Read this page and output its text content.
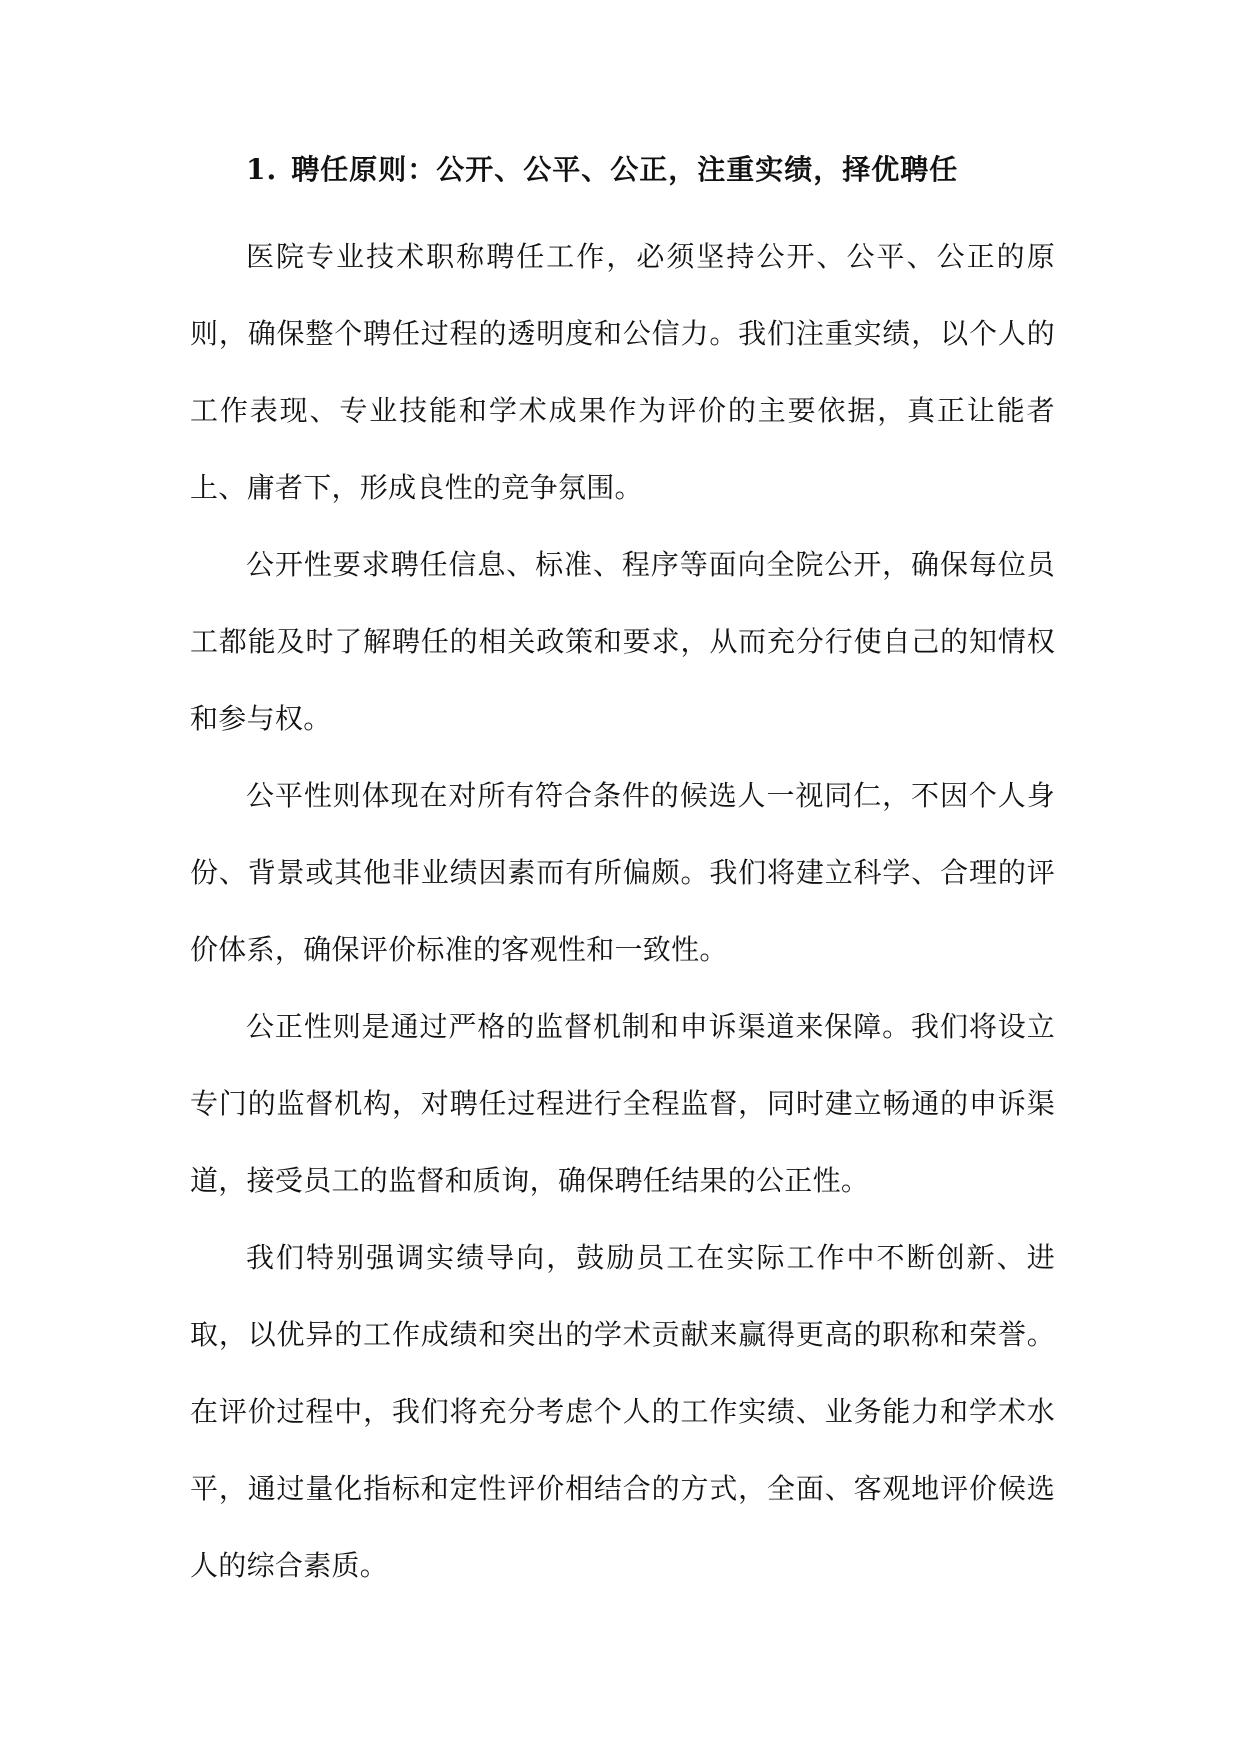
1. 聘任原则：公开、公平、公正，注重实绩，择优聘任

医院专业技术职称聘任工作，必须坚持公开、公平、公正的原则，确保整个聘任过程的透明度和公信力。我们注重实绩，以个人的工作表现、专业技能和学术成果作为评价的主要依据，真正让能者上、庸者下，形成良性的竞争氛围。

公开性要求聘任信息、标准、程序等面向全院公开，确保每位员工都能及时了解聘任的相关政策和要求，从而充分行使自己的知情权和参与权。

公平性则体现在对所有符合条件的候选人一视同仁，不因个人身份、背景或其他非业绩因素而有所偏颇。我们将建立科学、合理的评价体系，确保评价标准的客观性和一致性。

公正性则是通过严格的监督机制和申诉渠道来保障。我们将设立专门的监督机构，对聘任过程进行全程监督，同时建立畅通的申诉渠道，接受员工的监督和质询，确保聘任结果的公正性。

我们特别强调实绩导向，鼓励员工在实际工作中不断创新、进取，以优异的工作成绩和突出的学术贡献来赢得更高的职称和荣誉。在评价过程中，我们将充分考虑个人的工作实绩、业务能力和学术水平，通过量化指标和定性评价相结合的方式，全面、客观地评价候选人的综合素质。
